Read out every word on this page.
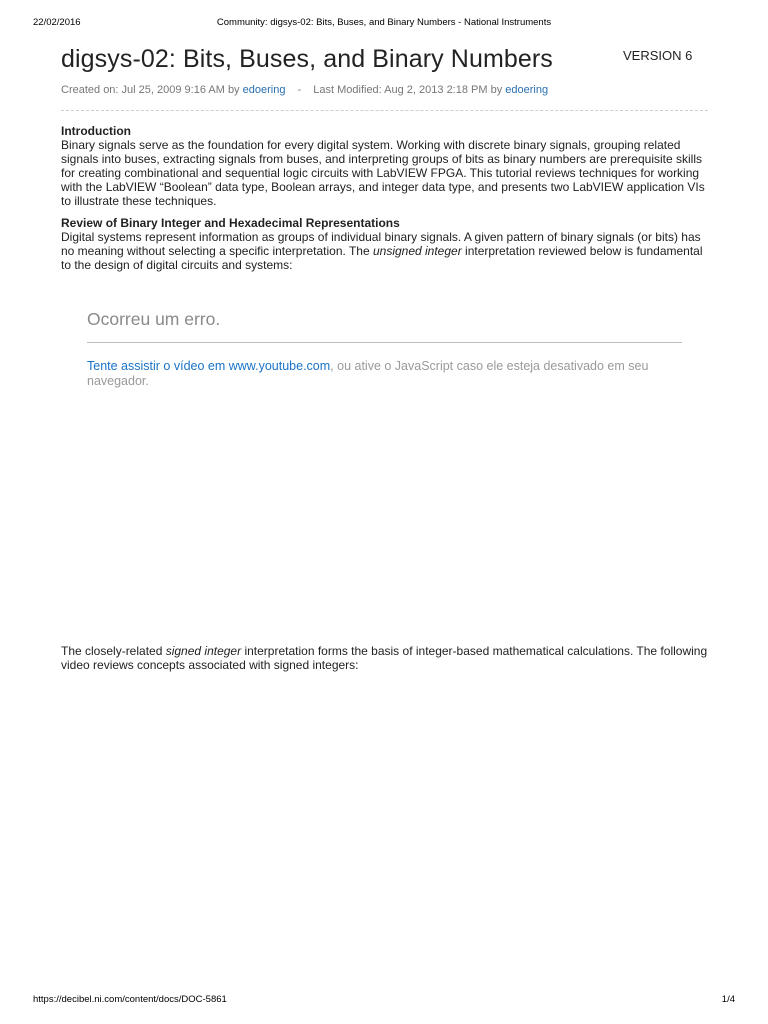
22/02/2016	Community: digsys-02: Bits, Buses, and Binary Numbers - National Instruments
digsys-02: Bits, Buses, and Binary Numbers	VERSION 6
Created on: Jul 25, 2009 9:16 AM by edoering - Last Modified: Aug 2, 2013 2:18 PM by edoering
Introduction

Binary signals serve as the foundation for every digital system. Working with discrete binary signals, grouping related signals into buses, extracting signals from buses, and interpreting groups of bits as binary numbers are prerequisite skills for creating combinational and sequential logic circuits with LabVIEW FPGA. This tutorial reviews techniques for working with the LabVIEW “Boolean” data type, Boolean arrays, and integer data type, and presents two LabVIEW application VIs to illustrate these techniques.

Review of Binary Integer and Hexadecimal Representations

Digital systems represent information as groups of individual binary signals. A given pattern of binary signals (or bits) has no meaning without selecting a specific interpretation. The unsigned integer interpretation reviewed below is fundamental to the design of digital circuits and systems:

Ocorreu um erro.
Tente assistir o vídeo em www.youtube.com, ou ative o JavaScript caso ele esteja desativado em seu navegador.

The closely-related signed integer interpretation forms the basis of integer-based mathematical calculations. The following video reviews concepts associated with signed integers:

https://decibel.ni.com/content/docs/DOC-5861	1/4
